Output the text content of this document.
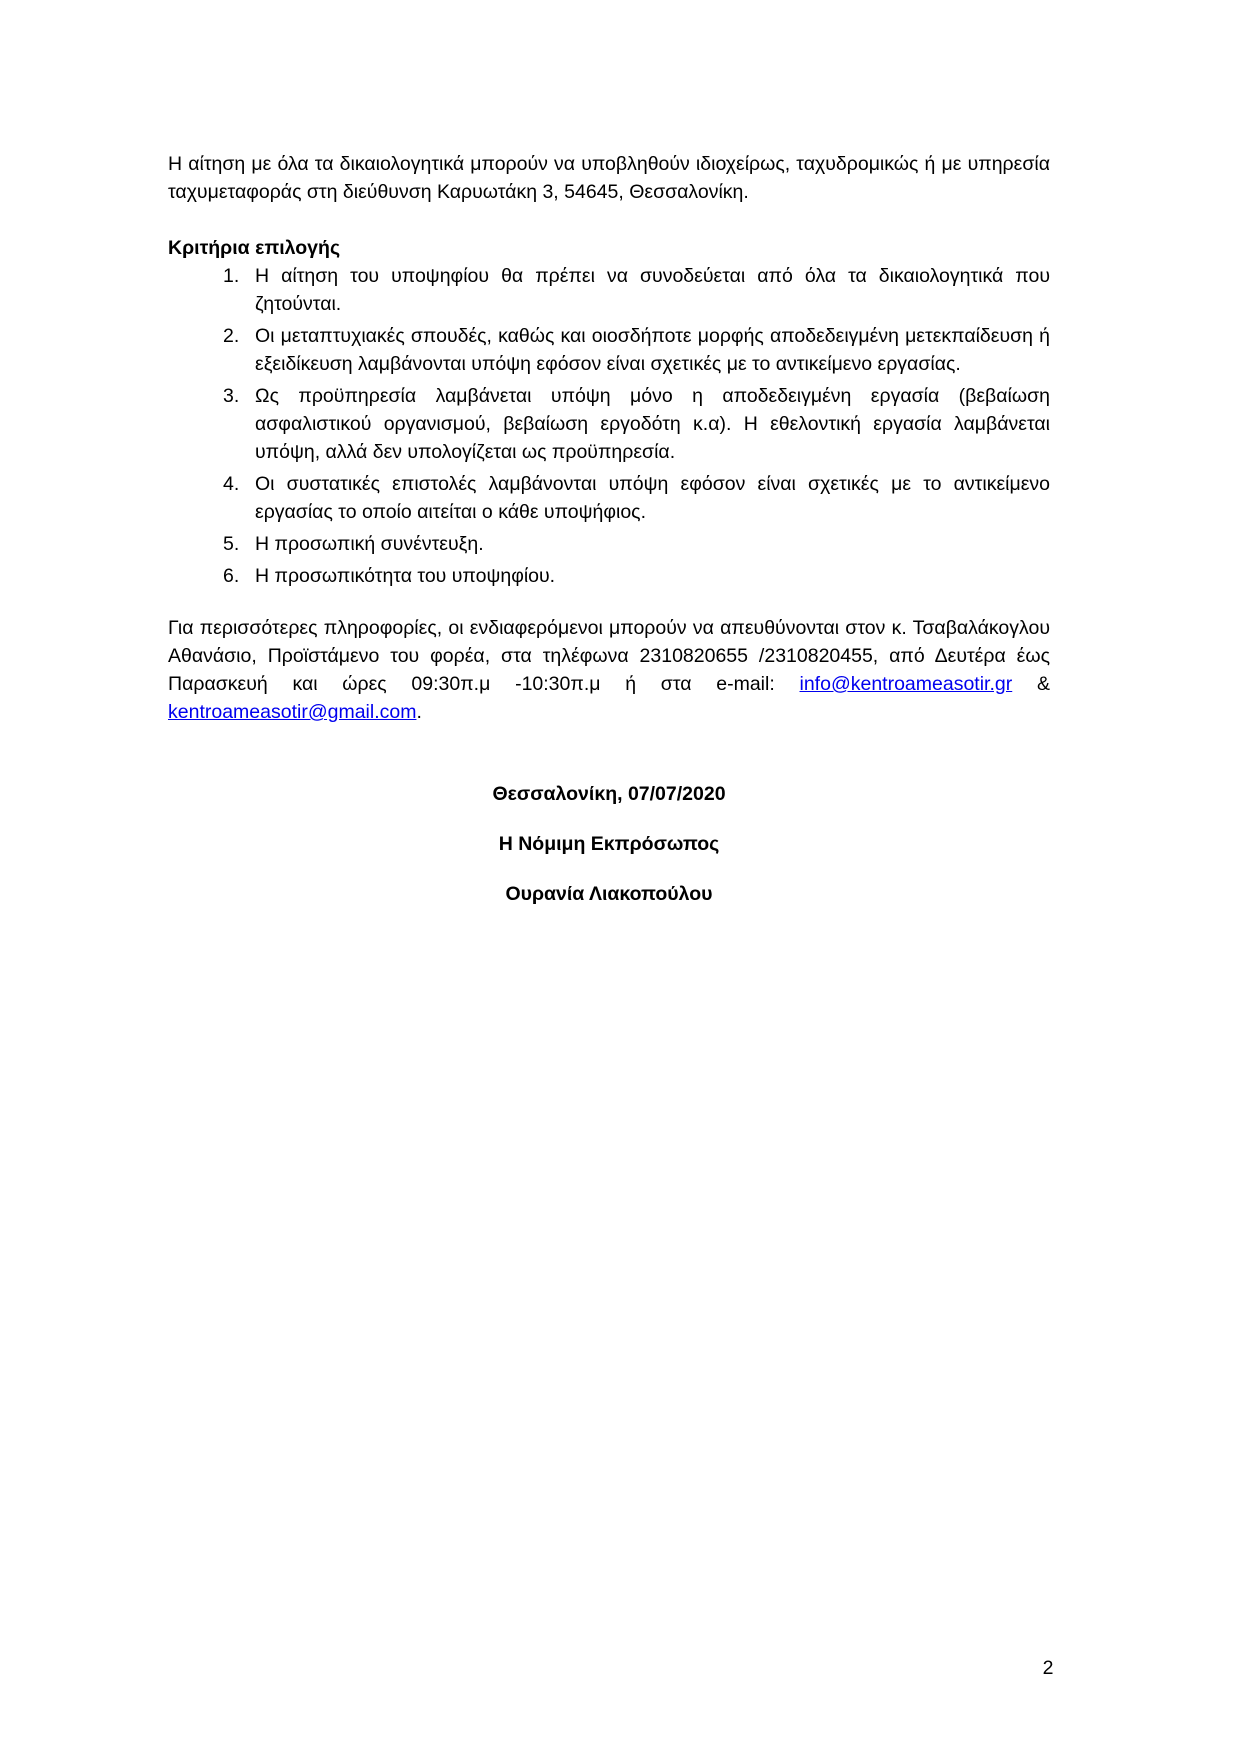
Η αίτηση με όλα τα δικαιολογητικά μπορούν να υποβληθούν ιδιοχείρως, ταχυδρομικώς ή με υπηρεσία ταχυμεταφοράς στη διεύθυνση Καρυωτάκη 3, 54645, Θεσσαλονίκη.

Κριτήρια επιλογής
1. Η αίτηση του υποψηφίου θα πρέπει να συνοδεύεται από όλα τα δικαιολογητικά που ζητούνται.
2. Οι μεταπτυχιακές σπουδές, καθώς και οιοσδήποτε μορφής αποδεδειγμένη μετεκπαίδευση ή εξειδίκευση λαμβάνονται υπόψη εφόσον είναι σχετικές με το αντικείμενο εργασίας.
3. Ως προϋπηρεσία λαμβάνεται υπόψη μόνο η αποδεδειγμένη εργασία (βεβαίωση ασφαλιστικού οργανισμού, βεβαίωση εργοδότη κ.α). Η εθελοντική εργασία λαμβάνεται υπόψη, αλλά δεν υπολογίζεται ως προϋπηρεσία.
4. Οι συστατικές επιστολές λαμβάνονται υπόψη εφόσον είναι σχετικές με το αντικείμενο εργασίας το οποίο αιτείται ο κάθε υποψήφιος.
5. Η προσωπική συνέντευξη.
6. Η προσωπικότητα του υποψηφίου.

Για περισσότερες πληροφορίες, οι ενδιαφερόμενοι μπορούν να απευθύνονται στον κ. Τσαβαλάκογλου Αθανάσιο, Προϊστάμενο του φορέα, στα τηλέφωνα 2310820655 /2310820455, από Δευτέρα έως Παρασκευή και ώρες 09:30π.μ -10:30π.μ ή στα e-mail: info@kentroameasotir.gr & kentroameasotir@gmail.com.

Θεσσαλονίκη, 07/07/2020
Η Νόμιμη Εκπρόσωπος
Ουρανία Λιακοπούλου
2
